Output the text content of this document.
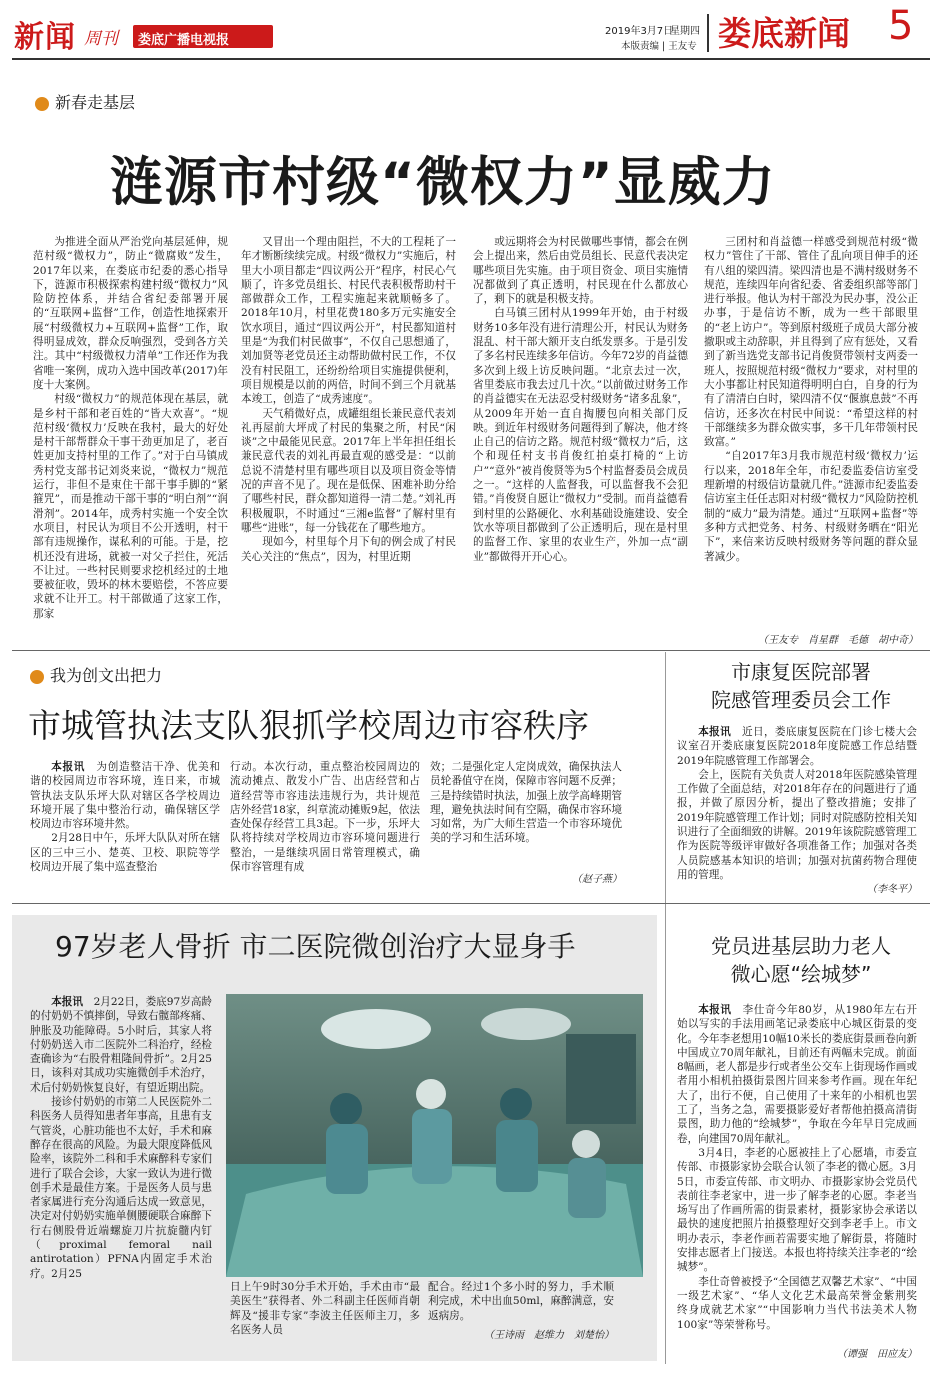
新闻 周刊 娄底广播电视报
2019年3月7日
星期四
本版责编 | 王友专 娄底新闻 5
新春走基层
涟源市村级“微权力”显威力

为推进全面从严治党向基层延伸，规范村级“微权力”，防止“微腐败”发生，2017年以来，在娄底市纪委的悉心指导下，涟源市积极探索构建村级“微权力”风险防控体系，并结合省纪委部署开展的“互联网+监督”工作，创造性地探索开展“村级微权力+互联网+监督”工作，取得明显成效，群众反响强烈，受到各方关注。其中“村级微权力清单”工作还作为我省唯一案例，成功入选中国改革(2017)年度十大案例。

村级“微权力”的规范体现在基层，就是乡村干部和老百姓的“皆大欢喜”。“规范村级‘微权力’反映在我村，最大的好处是村干部帮群众干事干劲更加足了，老百姓更加支持村里的工作了。”对于白马镇成秀村党支部书记刘炎来说，“微权力”规范运行，非但不是束住干部干事手脚的“紧箍咒”，而是推动干部干事的“明白剂”“润滑剂”。2014年，成秀村实施一个安全饮水项目，村民认为项目不公开透明，村干部有违规操作，谋私利的可能。于是，挖机还没有进场，就被一对父子拦住，死活不让过。一些村民则要求挖机经过的土地要被征收，毁坏的林木要赔偿，不答应要求就不让开工。村干部做通了这家工作，那家

又冒出一个理由阻拦，不大的工程耗了一年才断断续续完成。村级“微权力”实施后，村里大小项目都走“四议两公开”程序，村民心气顺了，许多党员组长、村民代表积极帮助村干部做群众工作，工程实施起来就顺畅多了。2018年10月，村里花费180多万元实施安全饮水项目，通过“四议两公开”，村民都知道村里是“为我们村民做事”，不仅自己思想通了，刘加贤等老党员还主动帮助做村民工作，不仅没有村民阻工，还纷纷给项目实施提供便利，项目规模是以前的两倍，时间不到三个月就基本竣工，创造了“成秀速度”。

天气稍微好点，成罐组组长兼民意代表刘礼再屋前大坪成了村民的集聚之所，村民“闲谈”之中最能见民意。2017年上半年担任组长兼民意代表的刘礼再最直观的感受是：“以前总说不清楚村里有哪些项目以及项目资金等情况的声音不见了。现在是低保、困难补助分给了哪些村民，群众都知道得一清二楚。”刘礼再积极履职，不时通过“三湘e监督”了解村里有哪些“进账”，每一分钱花在了哪些地方。

现如今，村里每个月下旬的例会成了村民关心关注的“焦点”，因为，村里近期

或远期将会为村民做哪些事情，都会在例会上提出来，然后由党员组长、民意代表决定哪些项目先实施。由于项目资金、项目实施情况都做到了真正透明，村民现在什么都放心了，剩下的就是积极支持。

白马镇三团村从1999年开始，由于村级财务10多年没有进行清理公开，村民认为财务混乱、村干部大额开支白纸发票多。于是引发了多名村民连续多年信访。今年72岁的肖益德多次到上级上访反映问题。“北京去过一次，省里娄底市我去过几十次。”以前做过财务工作的肖益德实在无法忍受村级财务“诸多乱象”，从2009年开始一直自掏腰包向相关部门反映。到近年村级财务问题得到了解决，他才终止自己的信访之路。规范村级“微权力”后，这个和现任村支书肖俊红拍桌打椅的“上访户”“意外”被肖俊贤等为5个村监督委员会成员之一。“这样的人监督我，可以监督我不会犯错。”肖俊贤自愿让“微权力”受制。而肖益德看到村里的公路硬化、水利基础设施建设、安全饮水等项目都做到了公正透明后，现在是村里的监督工作、家里的农业生产，外加一点“副业”都做得开开心心。

三团村和肖益德一样感受到规范村级“微权力”管住了干部、管住了乱向项目伸手的还有八组的梁四清。梁四清也是不满村级财务不规范，连续四年向省纪委、省委组织部等部门进行举报。他认为村干部没为民办事，没公正办事，于是信访不断，成为一些干部眼里的“老上访户”。等到原村级班子成员大部分被撤职或主动辞职，并且得到了应有惩处，又看到了新当选党支部书记肖俊贤带领村支两委一班人，按照规范村级“微权力”要求，对村里的大小事都让村民知道得明明白白，自身的行为有了清清白白时，梁四清不仅“偃旗息鼓”不再信访，还多次在村民中间说：“希望这样的村干部继续多为群众做实事，多干几年带领村民致富。”

“自2017年3月我市规范村级‘微权力’运行以来，2018年全年，市纪委监委信访室受理新增的村级信访量就几件。”涟源市纪委监委信访室主任任志阳对村级“微权力”风险防控机制的“威力”最为清楚。通过“互联网+监督”等多种方式把党务、村务、村级财务晒在“阳光下”，来信来访反映村级财务等问题的群众显著减少。

（王友专　肖星群　毛德　胡中奇）
我为创文出把力
市城管执法支队狠抓学校周边市容秩序

本报讯　 为创造整洁干净、优美和谐的校园周边市容环境，连日来，市城管执法支队乐坪大队对辖区各学校周边环境开展了集中整治行动，确保辖区学校周边市容环境井然。

2月28日中午，乐坪大队队对所在辖区的三中三小、楚英、卫校、职院等学校周边开展了集中巡查整治

行动。本次行动，重点整治校园周边的流动摊点、散发小广告、出店经营和占道经营等市容违法违规行为，共计规范店外经营18家，纠章流动摊贩9起，依法查处保存经营工具3起。下一步，乐坪大队将持续对学校周边市容环境问题进行整治，一是继续巩固日常管理模式，确保市容管理有成

效；二是强化定人定岗成效，确保执法人员轮番值守在岗，保障市容问题不反弹；三是持续错时执法，加强上放学高峰期管理，避免执法时间有空隔，确保市容环境习如常，为广大师生营造一个市容环境优美的学习和生活环境。

（赵子燕）
市康复医院部署
院感管理委员会工作

本报讯　 近日，娄底康复医院在门诊七楼大会议室召开娄底康复医院2018年度院感工作总结暨2019年院感管理工作部署会。

会上，医院有关负责人对2018年医院感染管理工作做了全面总结，对2018年存在的问题进行了通报，并做了原因分析，提出了整改措施；安排了2019年院感管理工作计划；同时对院感防控相关知识进行了全面细致的讲解。2019年该院院感管理工作为医院等级评审做好各项准备工作；加强对各类人员院感基本知识的培训；加强对抗菌药物合理使用的管理。

（李冬平）
97岁老人骨折 市二医院微创治疗大显身手

本报讯　 2月22日，娄底97岁高龄的付奶奶不慎摔倒，导致右髋部疼痛、肿胀及功能障碍。5小时后，其家人将付奶奶送入市二医院外二科治疗，经检查确诊为“右股骨粗隆间骨折”。2月25日，该科对其成功实施微创手术治疗，术后付奶奶恢复良好，有望近期出院。

接诊付奶奶的市第二人民医院外二科医务人员得知患者年事高，且患有支气管炎，心脏功能也不太好，手术和麻醉存在很高的风险。为最大限度降低风险率，该院外二科和手术麻醉科专家们进行了联合会诊，大家一致认为进行微创手术是最佳方案。于是医务人员与患者家属进行充分沟通后达成一致意见，决定对付奶奶实施单侧腰硬联合麻醉下行右侧股骨近端螺旋刀片抗旋髓内钉（proximal femoral nail antirotation）PFNA内固定手术治疗。2月25

日上午9时30分手术开始，手术由市“最美医生”获得者、外二科副主任医师肖朝辉及“援非专家”李波主任医师主刀，多名医务人员

配合。经过1个多小时的努力，手术顺利完成，术中出血50ml，麻醉满意，安返病房。

（王诗雨　赵维力　刘楚怡）
党员进基层助力老人
微心愿“绘城梦”

本报讯　 李仕奇今年80岁，从1980年左右开始以写实的手法用画笔记录娄底中心城区街景的变化。今年李老想用10幅10米长的娄底街景画卷向新中国成立70周年献礼，目前还有两幅未完成。前面8幅画，老人都是步行或者坐公交车上街现场作画或者用小相机拍摄街景图片回来参考作画。现在年纪大了，出行不便，自己使用了十来年的小相机也罢工了，当务之急，需要摄影爱好者帮他拍摄高清街景图，助力他的“绘城梦”，争取在今年早日完成画卷，向建国70周年献礼。

3月4日，李老的心愿被挂上了心愿墙，市委宣传部、市摄影家协会联合认领了李老的微心愿。3月5日，市委宣传部、市文明办、市摄影家协会党员代表前往李老家中，进一步了解李老的心愿。李老当场写出了作画所需的街景素材，摄影家协会承诺以最快的速度把照片拍摄整理好交到李老手上。市文明办表示，李老作画若需要实地了解街景，将随时安排志愿者上门接送。本报也将持续关注李老的“绘城梦”。

李仕奇曾被授予“全国德艺双馨艺术家”、“中国一级艺术家”、“华人文化艺术最高荣誉金紫荆奖　终身成就艺术家”“中国影响力当代书法美术人物100家”等荣誉称号。

（谭强　田应友）
